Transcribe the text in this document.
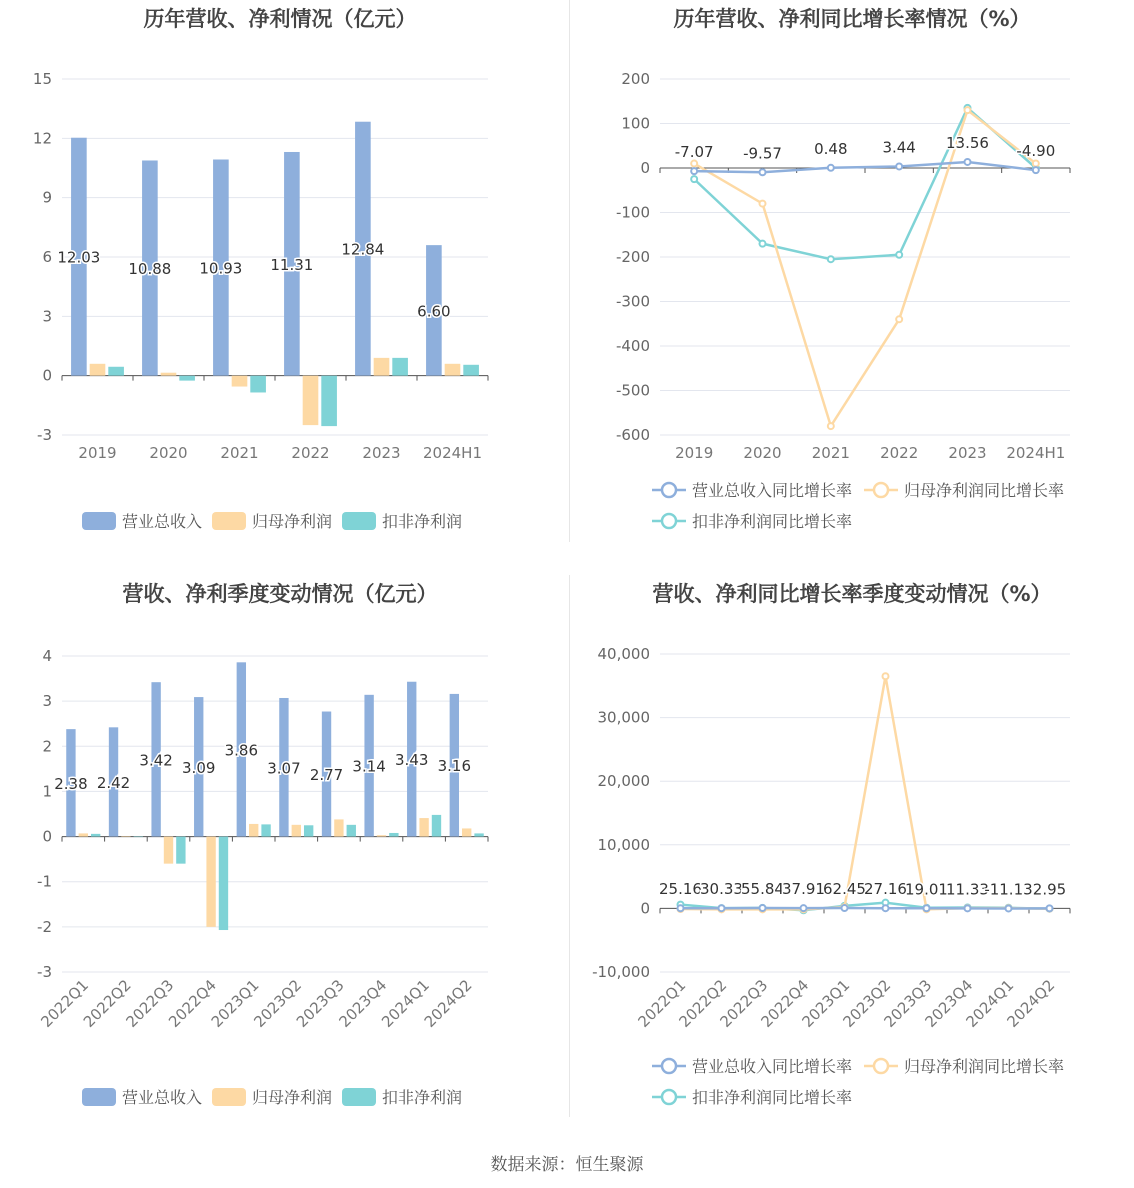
历年营收、净利情况（亿元）
-3
0
3
6
9
12
15
2019 2020 2021 2022 2023 2024H1
12.03
10.88 10.93 11.31
12.84
6.60
营业总收入	归母净利润	扣非净利润
历年营收、净利同比增长率情况（%）
-600
-500
-400
-300
-200
-100
0
100
200
2019 2020 2021 2022 2023 2024H1
-7.07 -9.57 0.48 3.44 13.56 -4.90
营业总收入同比增长率	归母净利润同比增长率
扣非净利润同比增长率
营收、净利季度变动情况（亿元）
-3
-2
-1
0
1
2
3
4
2022Q1
2022Q2
2022Q3
2022Q4
2023Q1
2023Q2
2023Q3
2023Q4
2024Q1
2024Q2
2.38 2.42
3.42 3.09
3.86
3.07 2.77 3.14 3.43 3.16
营业总收入	归母净利润	扣非净利润
营收、净利同比增长率季度变动情况（%）
-10,000
0
10,000
20,000
30,000
40,000
2022Q1
2022Q2
2022Q3
2022Q4
2023Q1
2023Q2
2023Q3
2023Q4
2024Q1
2024Q2
25.16
30.33
55.84
37.91
62.45
27.16
19.01
11.33
-11.13 2.95
营业总收入同比增长率	归母净利润同比增长率
扣非净利润同比增长率
数据来源：恒生聚源
